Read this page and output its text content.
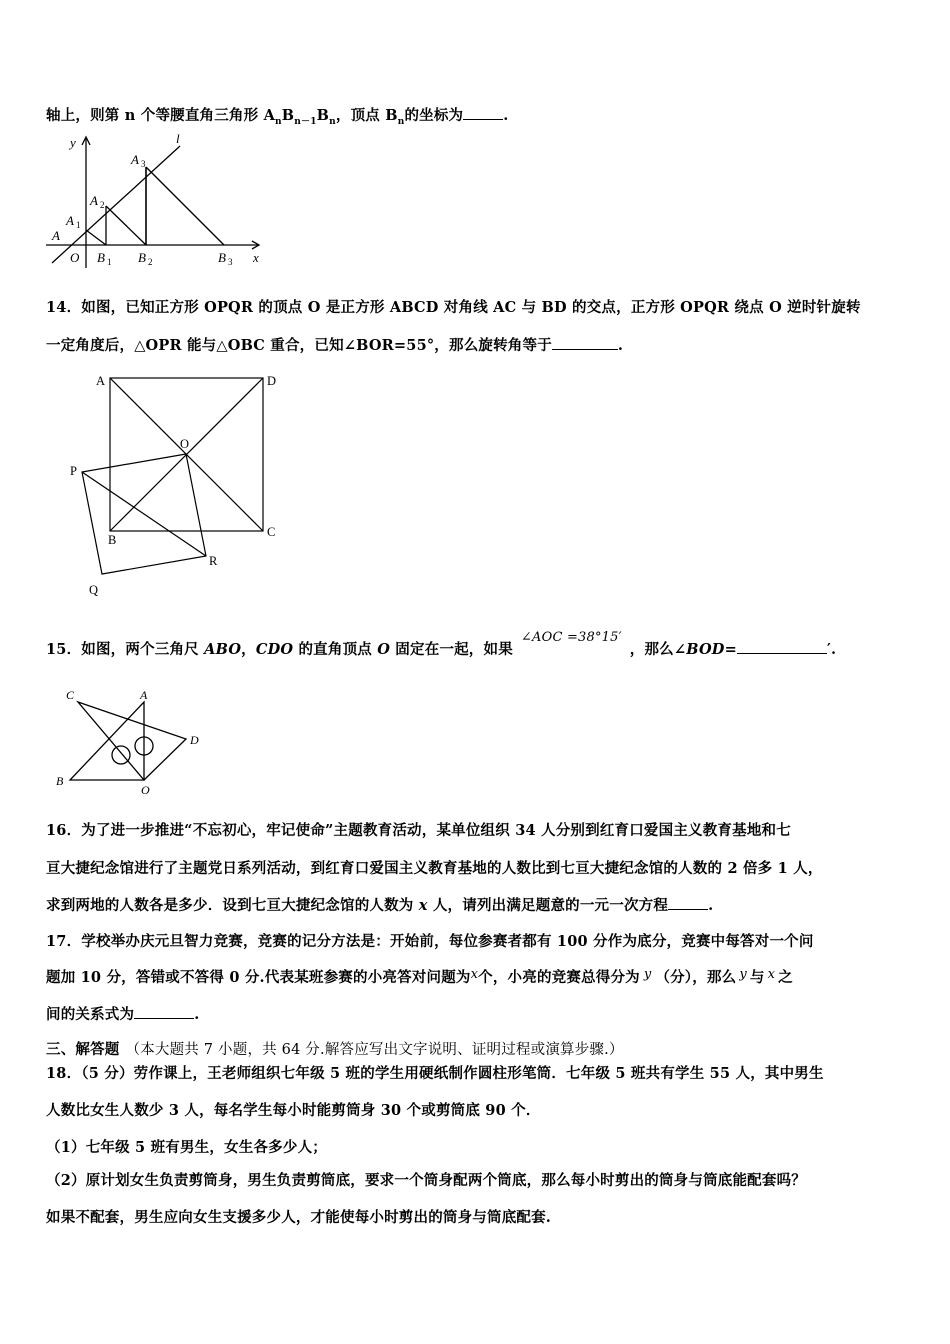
轴上，则第 n 个等腰直角三角形 $A_nB_{n-1}B_n$，顶点 $B_n$的坐标为	.
y
x
l
O
A
A 1
A 2
A 3
B 1 B 2	B 3
14．如图，已知正方形 OPQR 的顶点 O 是正方形 ABCD 对角线 AC 与 BD 的交点，正方形 OPQR 绕点 O 逆时针旋转
一定角度后，△OPR 能与△OBC 重合，已知∠BOR=55°，那么旋转角等于	.
A	D
O
P
B
C
R
Q
15．如图，两个三角尺 ABO，CDO 的直角顶点 O 固定在一起，如果∠AOC =38°15′，那么∠BOD=	′.
C	A
D
B
O
16．为了进一步推进“不忘初心，牢记使命”主题教育活动，某单位组织 34 人分别到红育口爱国主义教育基地和七
亘大捷纪念馆进行了主题党日系列活动，到红育口爱国主义教育基地的人数比到七亘大捷纪念馆的人数的 2 倍多 1 人，
求到两地的人数各是多少．设到七亘大捷纪念馆的人数为 x 人，请列出满足题意的一元一次方程	.
17．学校举办庆元旦智力竞赛，竞赛的记分方法是：开始前，每位参赛者都有 100 分作为底分，竞赛中每答对一个问
题加 10 分，答错或不答得 0 分.代表某班参赛的小亮答对问题为x个，小亮的竞赛总得分为 y （分），那么 y 与 x 之
间的关系式为	.
三、解答题 （本大题共 7 小题，共 64 分.解答应写出文字说明、证明过程或演算步骤.）
18．（5 分）劳作课上，王老师组织七年级 5 班的学生用硬纸制作圆柱形笔筒．七年级 5 班共有学生 55 人，其中男生
人数比女生人数少 3 人，每名学生每小时能剪筒身 30 个或剪筒底 90 个．
（1）七年级 5 班有男生，女生各多少人；
（2）原计划女生负责剪筒身，男生负责剪筒底，要求一个筒身配两个筒底，那么每小时剪出的筒身与筒底能配套吗？
如果不配套，男生应向女生支援多少人，才能使每小时剪出的筒身与筒底配套.
